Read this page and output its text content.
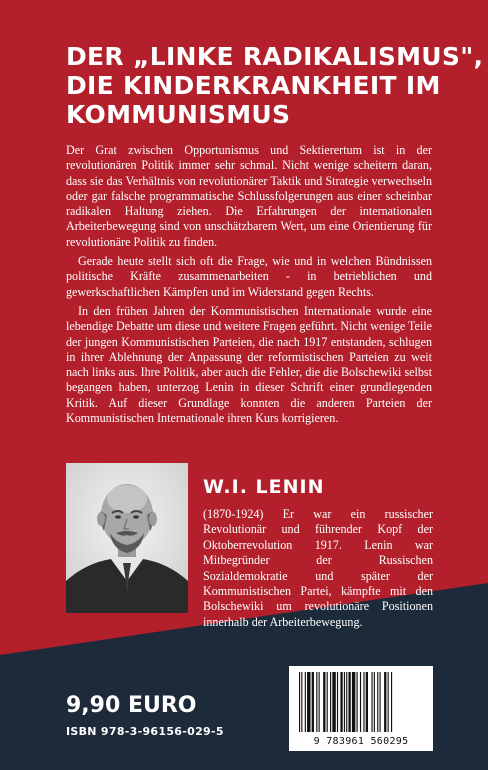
DER „LINKE RADIKALISMUS",
DIE KINDERKRANKHEIT IM
KOMMUNISMUS

Der Grat zwischen Opportunismus und Sektierertum ist in der revolutionären Politik immer sehr schmal. Nicht wenige scheitern daran, dass sie das Verhältnis von revolutionärer Taktik und Strategie verwechseln oder gar falsche programmatische Schlussfolgerungen aus einer scheinbar radikalen Haltung ziehen. Die Erfahrungen der internationalen Arbeiterbewegung sind von unschätzbarem Wert, um eine Orientierung für revolutionäre Politik zu finden.

Gerade heute stellt sich oft die Frage, wie und in welchen Bündnissen politische Kräfte zusammenarbeiten - in betrieblichen und gewerkschaftlichen Kämpfen und im Widerstand gegen Rechts.

In den frühen Jahren der Kommunistischen Internationale wurde eine lebendige Debatte um diese und weitere Fragen geführt. Nicht wenige Teile der jungen Kommunistischen Parteien, die nach 1917 entstanden, schlugen in ihrer Ablehnung der Anpassung der reformistischen Parteien zu weit nach links aus. Ihre Politik, aber auch die Fehler, die die Bolschewiki selbst begangen haben, unterzog Lenin in dieser Schrift einer grundlegenden Kritik. Auf dieser Grundlage konnten die anderen Parteien der Kommunistischen Internationale ihren Kurs korrigieren.

W.I. LENIN
(1870-1924) Er war ein russischer Revolutionär und führender Kopf der Oktoberrevolution 1917. Lenin war Mitbegründer der Russischen Sozialdemokratie und später der Kommunistischen Partei, kämpfte mit den Bolschewiki um revolutionäre Positionen innerhalb der Arbeiterbewegung.
9,90 EURO
ISBN 978-3-96156-029-5
9 783961 560295
